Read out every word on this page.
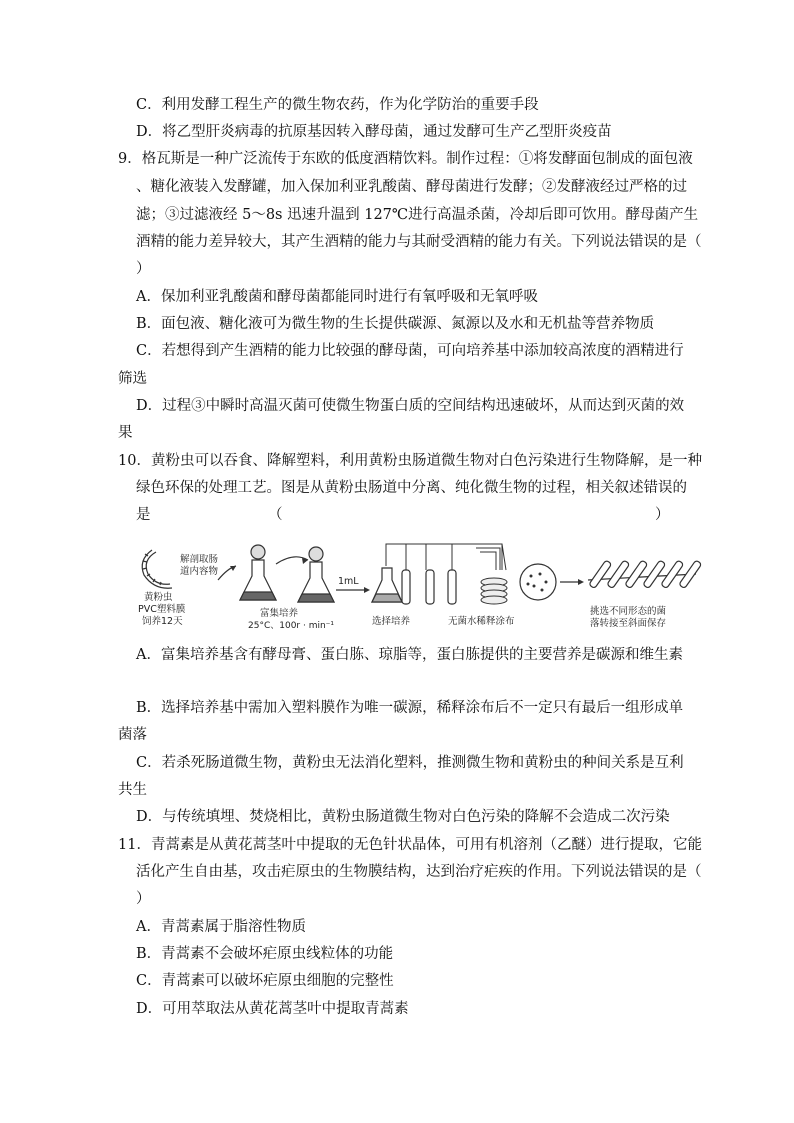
C．利用发酵工程生产的微生物农药，作为化学防治的重要手段
D．将乙型肝炎病毒的抗原基因转入酵母菌，通过发酵可生产乙型肝炎疫苗
9．格瓦斯是一种广泛流传于东欧的低度酒精饮料。制作过程：①将发酵面包制成的面包液
、糖化液装入发酵罐，加入保加利亚乳酸菌、酵母菌进行发酵；②发酵液经过严格的过
滤；③过滤液经 5～8s 迅速升温到 127℃进行高温杀菌，冷却后即可饮用。酵母菌产生
酒精的能力差异较大，其产生酒精的能力与其耐受酒精的能力有关。下列说法错误的是（
）
A．保加利亚乳酸菌和酵母菌都能同时进行有氧呼吸和无氧呼吸
B．面包液、糖化液可为微生物的生长提供碳源、氮源以及水和无机盐等营养物质
C．若想得到产生酒精的能力比较强的酵母菌，可向培养基中添加较高浓度的酒精进行
筛选
D．过程③中瞬时高温灭菌可使微生物蛋白质的空间结构迅速破坏，从而达到灭菌的效
果
10．黄粉虫可以吞食、降解塑料，利用黄粉虫肠道微生物对白色污染进行生物降解，是一种
绿色环保的处理工艺。图是从黄粉虫肠道中分离、纯化微生物的过程，相关叙述错误的
是	（	）
解剖取肠
道内容物
黄粉虫
PVC塑料膜
饲养12天
富集培养
25°C、100r · min⁻¹
1mL
选择培养	无菌水稀释涂布
挑选不同形态的菌
落转接至斜面保存
A．富集培养基含有酵母膏、蛋白胨、琼脂等，蛋白胨提供的主要营养是碳源和维生素
B．选择培养基中需加入塑料膜作为唯一碳源，稀释涂布后不一定只有最后一组形成单
菌落
C．若杀死肠道微生物，黄粉虫无法消化塑料，推测微生物和黄粉虫的种间关系是互利
共生
D．与传统填埋、焚烧相比，黄粉虫肠道微生物对白色污染的降解不会造成二次污染
11．青蒿素是从黄花蒿茎叶中提取的无色针状晶体，可用有机溶剂（乙醚）进行提取，它能
活化产生自由基，攻击疟原虫的生物膜结构，达到治疗疟疾的作用。下列说法错误的是（
）
A．青蒿素属于脂溶性物质
B．青蒿素不会破坏疟原虫线粒体的功能
C．青蒿素可以破坏疟原虫细胞的完整性
D．可用萃取法从黄花蒿茎叶中提取青蒿素
